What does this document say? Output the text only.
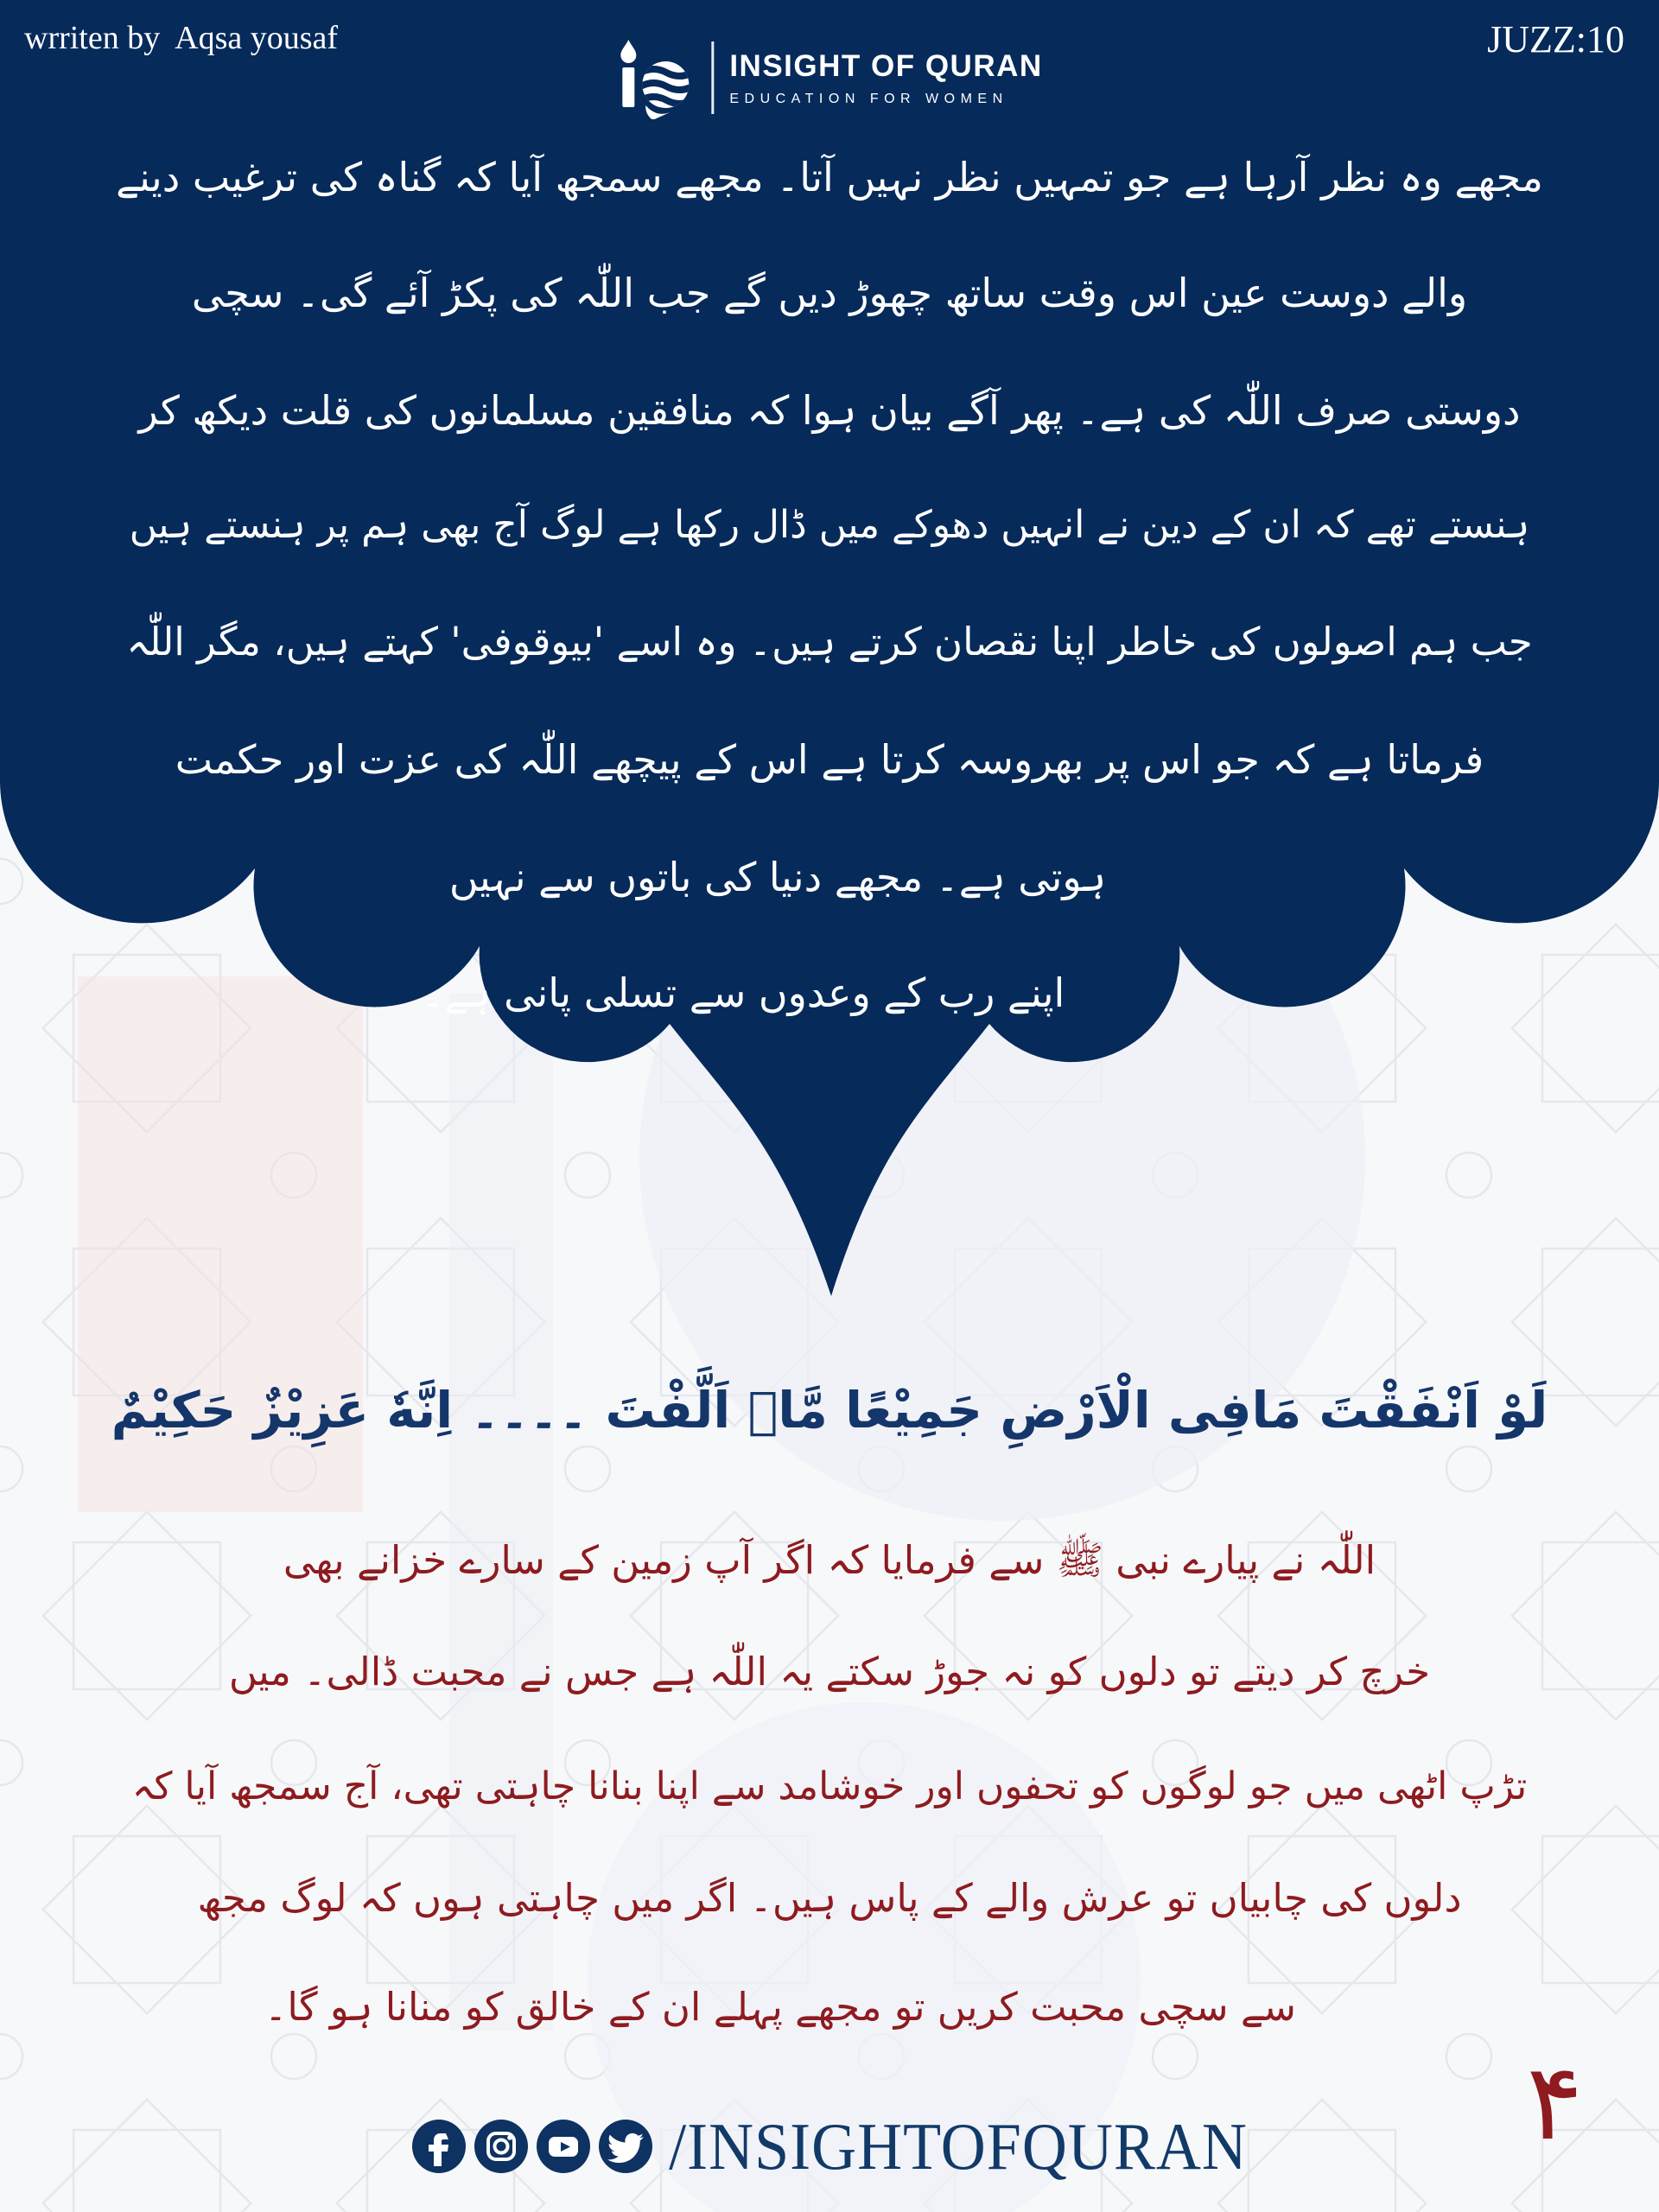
wrriten by  Aqsa yousaf	JUZZ:10
INSIGHT OF QURAN
EDUCATION FOR WOMEN
مجھے وہ نظر آرہا ہے جو تمہیں نظر نہیں آتا۔ مجھے سمجھ آیا کہ گناہ کی ترغیب دینے
والے دوست عین اس وقت ساتھ چھوڑ دیں گے جب اللّٰہ کی پکڑ آئے گی۔ سچی
دوستی صرف اللّٰہ کی ہے۔ پھر آگے بیان ہوا کہ منافقین مسلمانوں کی قلت دیکھ کر
ہنستے تھے کہ ان کے دین نے انہیں دھوکے میں ڈال رکھا ہے لوگ آج بھی ہم پر ہنستے ہیں
جب ہم اصولوں کی خاطر اپنا نقصان کرتے ہیں۔ وہ اسے 'بیوقوفی' کہتے ہیں، مگر اللّٰہ
فرماتا ہے کہ جو اس پر بھروسہ کرتا ہے اس کے پیچھے اللّٰہ کی عزت اور حکمت
ہوتی ہے۔ مجھے دنیا کی باتوں سے نہیں
اپنے رب کے وعدوں سے تسلی پانی ہے۔
لَوْ اَنْفَقْتَ مَافِی الْاَرْضِ جَمِیْعًا مَّاۤ اَلَّفْتَ ۔۔۔۔ اِنَّهٗ عَزِیْزٌ حَکِیْمٌ
اللّٰہ نے پیارے نبی ﷺ سے فرمایا کہ اگر آپ زمین کے سارے خزانے بھی
خرچ کر دیتے تو دلوں کو نہ جوڑ سکتے یہ اللّٰہ ہے جس نے محبت ڈالی۔ میں
تڑپ اٹھی میں جو لوگوں کو تحفوں اور خوشامد سے اپنا بنانا چاہتی تھی، آج سمجھ آیا کہ
دلوں کی چابیاں تو عرش والے کے پاس ہیں۔ اگر میں چاہتی ہوں کہ لوگ مجھ
سے سچی محبت کریں تو مجھے پہلے ان کے خالق کو منانا ہو گا۔
/INSIGHTOFQURAN	۴
